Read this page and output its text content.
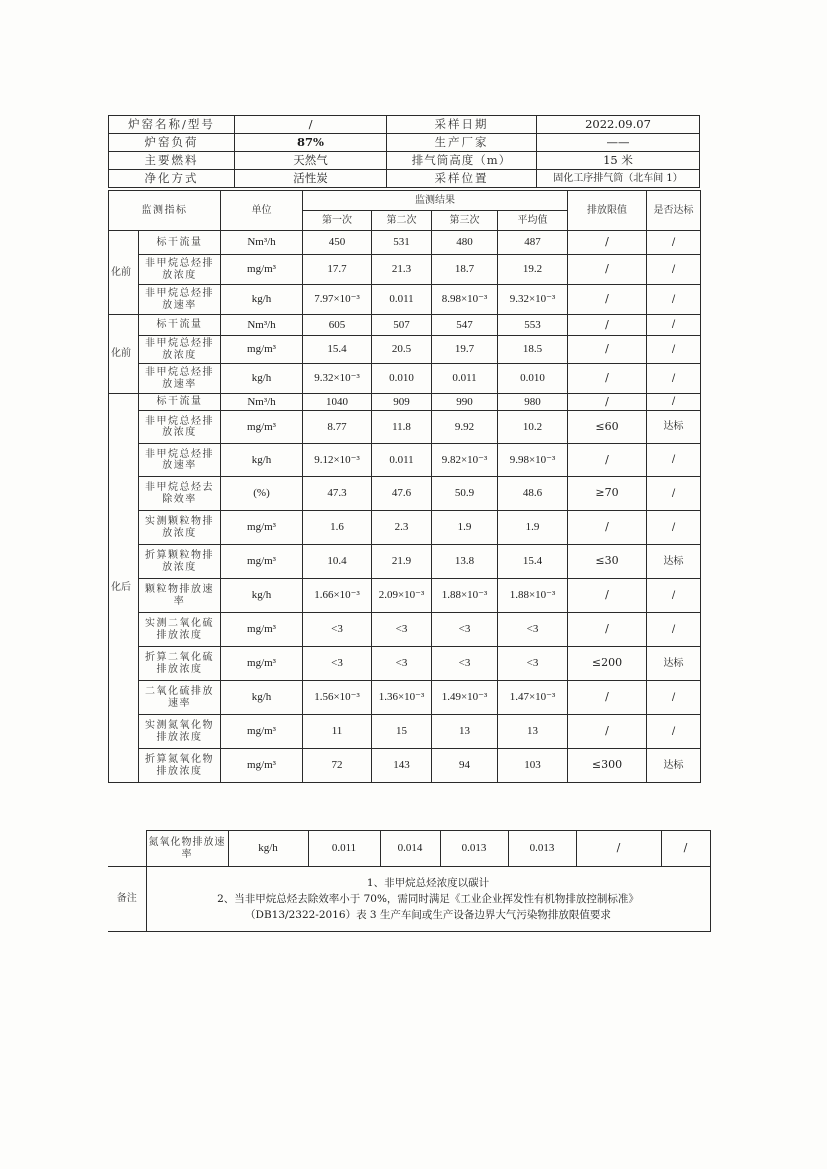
炉窑名称/型号	/	采样日期	2022.09.07
炉窑负荷	87%	生产厂家	——
主要燃料	天然气	排气筒高度（m）	15 米
净化方式	活性炭	采样位置	固化工序排气筒（北车间 1）
监测指标		单位	监测结果				排放限值	是否达标
			第一次	第二次	第三次	平均值		
化前	标干流量	Nm³/h	450	531	480	487	/	/
	非甲烷总烃排放浓度	mg/m³	17.7	21.3	18.7	19.2	/	/
	非甲烷总烃排放速率	kg/h	7.97×10⁻³	0.011	8.98×10⁻³	9.32×10⁻³	/	/
化前	标干流量	Nm³/h	605	507	547	553	/	/
	非甲烷总烃排放浓度	mg/m³	15.4	20.5	19.7	18.5	/	/
	非甲烷总烃排放速率	kg/h	9.32×10⁻³	0.010	0.011	0.010	/	/
化后	标干流量	Nm³/h	1040	909	990	980	/	/
	非甲烷总烃排放浓度	mg/m³	8.77	11.8	9.92	10.2	≤60	达标
	非甲烷总烃排放速率	kg/h	9.12×10⁻³	0.011	9.82×10⁻³	9.98×10⁻³	/	/
	非甲烷总烃去除效率	(%)	47.3	47.6	50.9	48.6	≥70	/
	实测颗粒物排放浓度	mg/m³	1.6	2.3	1.9	1.9	/	/
	折算颗粒物排放浓度	mg/m³	10.4	21.9	13.8	15.4	≤30	达标
	颗粒物排放速率	kg/h	1.66×10⁻³	2.09×10⁻³	1.88×10⁻³	1.88×10⁻³	/	/
	实测二氧化硫排放浓度	mg/m³	<3	<3	<3	<3	/	/
	折算二氧化硫排放浓度	mg/m³	<3	<3	<3	<3	≤200	达标
	二氧化硫排放速率	kg/h	1.56×10⁻³	1.36×10⁻³	1.49×10⁻³	1.47×10⁻³	/	/
	实测氮氧化物排放浓度	mg/m³	11	15	13	13	/	/
	折算氮氧化物排放浓度	mg/m³	72	143	94	103	≤300	达标
	氮氧化物排放速率	kg/h	0.011	0.014	0.013	0.013	/	/
备注	1、非甲烷总烃浓度以碳计
2、当非甲烷总烃去除效率小于 70%，需同时满足《工业企业挥发性有机物排放控制标准》
（DB13/2322-2016）表 3 生产车间或生产设备边界大气污染物排放限值要求							
